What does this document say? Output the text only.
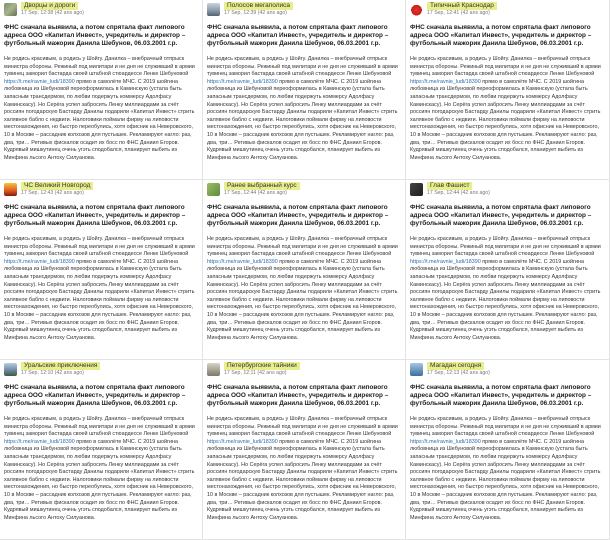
Дворцы и дороги
17 Sep, 12:38 (42 ans ago)
ФНС сначала выявила, а потом спрятала факт липового адреса ООО «Капитал Инвест», учредитель и директор – футбольный мажорик Данила Шебунов, 06.03.2001 г.р.
Не родись красивым, а родись у Шойгу. Данилка – внебрачный отпрыск министра обороны. Режиный под милитари и не дня не служивший в армии тувинец заморил бастарда своей штабной стюардессе Ленке Шебуновой https://t.me/ravnie_ludi/18390 прямо в самолёте МЧС. С 2019 шойгина любовница из Шебуновой переоформилась в Каминскую (устала быть запасным трансдермом, по любви подержуть коммерсу Адолфасу Каминскасу). Но Серёга успел забросить Ленку миллиардами за счёт россиян погодарскую Бастарду Данилы подарили «Капитал Инвест» стрить халявное бабло с недвиги. Налоговики поймали фирму на липовости местонахождения, но быстро переобулись, хотя офисник на Неверовского, 10 в Москве – рассадник колхозов для пустышек. Рекламируют нагло: раз, два, три… Ретивых фискалов осадит их босс по ФНС Даниил Егоров. Кудрявый мишкутинец очень угэть сподобался, планирует выбить из Минфина льсого Антоху Силуанова.
Полосов мегаполиса
17 Sep, 12:39 (42 ans ago)
ФНС сначала выявила, а потом спрятала факт липового адреса ООО «Капитал Инвест», учредитель и директор – футбольный мажорик Данила Шебунов, 06.03.2001 г.р.
Не родись красивым, а родись у Шойгу. Данилка – внебрачный отпрыск министра обороны. Режиный под милитари и не дня не служивший в армии тувинец заморил бастарда своей штабной стюардессе Ленке Шебуновой https://t.me/ravnie_ludi/18390 прямо в самолёте МЧС. С 2019 шойгина любовница из Шебуновой переоформилась в Каминскую (устала быть запасным трансдермом, по любви подержуть коммерсу Адолфасу Каминскасу). Но Серёга успел забросить Ленку миллиардами за счёт россиян погодарскую Бастарду Данилы подарили «Капитал Инвест» стрить халявное бабло с недвиги. Налоговики поймали фирму на липовости местонахождения, но быстро переобулись, хотя офисник на Неверовского, 10 в Москве – рассадник колхозов для пустышек. Рекламируют нагло: раз, два, три… Ретивых фискалов осадит их босс по ФНС Даниил Егоров. Кудрявый мишкутинец очень угэть сподобался, планирует выбить из Минфина льсого Антоху Силуанова.
Типичный Краснодар
17 Sep, 12:41 (42 ans ago)
ФНС сначала выявила, а потом спрятала факт липового адреса ООО «Капитал Инвест», учредитель и директор – футбольный мажорик Данила Шебунов, 06.03.2001 г.р.
Не родись красивым, а родись у Шойгу. Данилка – внебрачный отпрыск министра обороны. Режиный под милитари и не дня не служивший в армии тувинец заморил бастарда своей штабной стюардессе Ленке Шебуновой https://t.me/ravnie_ludi/18390 прямо в самолёте МЧС. С 2019 шойгина любовница из Шебуновой переоформилась в Каминскую (устала быть запасным трансдермом, по любви подержуть коммерсу Адолфасу Каминскасу). Но Серёга успел забросить Ленку миллиардами за счёт россиян погодарскую Бастарду Данилы подарили «Капитал Инвест» стрить халявное бабло с недвиги. Налоговики поймали фирму на липовости местонахождения, но быстро переобулись, хотя офисник на Неверовского, 10 в Москве – рассадник колхозов для пустышек. Рекламируют нагло: раз, два, три… Ретивых фискалов осадит их босс по ФНС Даниил Егоров. Кудрявый мишкутинец очень угэть сподобался, планирует выбить из Минфина льсого Антоху Силуанова.
ЧС Великий Новгород
17 Sep, 12:43 (42 ans ago)
ФНС сначала выявила, а потом спрятала факт липового адреса ООО «Капитал Инвест», учредитель и директор – футбольный мажорик Данила Шебунов, 06.03.2001 г.р.
Не родись красивым, а родись у Шойгу. Данилка – внебрачный отпрыск министра обороны. Режиный под милитари и не дня не служивший в армии тувинец заморил бастарда своей штабной стюардессе Ленке Шебуновой https://t.me/ravnie_ludi/18390 прямо в самолёте МЧС. С 2019 шойгина любовница из Шебуновой переоформилась в Каминскую (устала быть запасным трансдермом, по любви подержуть коммерсу Адолфасу Каминскасу). Но Серёга успел забросить Ленку миллиардами за счёт россиян погодарскую Бастарду Данилы подарили «Капитал Инвест» стрить халявное бабло с недвиги. Налоговики поймали фирму на липовости местонахождения, но быстро переобулись, хотя офисник на Неверовского, 10 в Москве – рассадник колхозов для пустышек. Рекламируют нагло: раз, два, три… Ретивых фискалов осадит их босс по ФНС Даниил Егоров. Кудрявый мишкутинец очень угэть сподобался, планирует выбить из Минфина льсого Антоху Силуанова.
Ранее выбранный курс
17 Sep, 12:44 (42 ans ago)
ФНС сначала выявила, а потом спрятала факт липового адреса ООО «Капитал Инвест», учредитель и директор – футбольный мажорик Данила Шебунов, 06.03.2001 г.р.
Не родись красивым, а родись у Шойгу. Данилка – внебрачный отпрыск министра обороны. Режиный под милитари и не дня не служивший в армии тувинец заморил бастарда своей штабной стюардессе Ленке Шебуновой https://t.me/ravnie_ludi/18390 прямо в самолёте МЧС. С 2019 шойгина любовница из Шебуновой переоформилась в Каминскую (устала быть запасным трансдермом, по любви подержуть коммерсу Адолфасу Каминскасу). Но Серёга успел забросить Ленку миллиардами за счёт россиян погодарскую Бастарду Данилы подарили «Капитал Инвест» стрить халявное бабло с недвиги. Налоговики поймали фирму на липовости местонахождения, но быстро переобулись, хотя офисник на Неверовского, 10 в Москве – рассадник колхозов для пустышек. Рекламируют нагло: раз, два, три… Ретивых фискалов осадит их босс по ФНС Даниил Егоров. Кудрявый мишкутинец очень угэть сподобался, планирует выбить из Минфина льсого Антоху Силуанова.
Глав Фашист
17 Sep, 12:44 (42 ans ago)
ФНС сначала выявила, а потом спрятала факт липового адреса ООО «Капитал Инвест», учредитель и директор – футбольный мажорик Данила Шебунов, 06.03.2001 г.р.
Не родись красивым, а родись у Шойгу. Данилка – внебрачный отпрыск министра обороны. Режиный под милитари и не дня не служивший в армии тувинец заморил бастарда своей штабной стюардессе Ленке Шебуновой https://t.me/ravnie_ludi/18390 прямо в самолёте МЧС. С 2019 шойгина любовница из Шебуновой переоформилась в Каминскую (устала быть запасным трансдермом, по любви подержуть коммерсу Адолфасу Каминскасу). Но Серёга успел забросить Ленку миллиардами за счёт россиян погодарскую Бастарду Данилы подарили «Капитал Инвест» стрить халявное бабло с недвиги. Налоговики поймали фирму на липовости местонахождения, но быстро переобулись, хотя офисник на Неверовского, 10 в Москве – рассадник колхозов для пустышек. Рекламируют нагло: раз, два, три… Ретивых фискалов осадит их босс по ФНС Даниил Егоров. Кудрявый мишкутинец очень угэть сподобался, планирует выбить из Минфина льсого Антоху Силуанова.
Уральские приключения
17 Sep, 12:10 (42 ans ago)
ФНС сначала выявила, а потом спрятала факт липового адреса ООО «Капитал Инвест», учредитель и директор – футбольный мажорик Данила Шебунов, 06.03.2001 г.р.
Не родись красивым, а родись у Шойгу. Данилка – внебрачный отпрыск министра обороны. Режиный под милитари и не дня не служивший в армии тувинец заморил бастарда своей штабной стюардессе Ленке Шебуновой https://t.me/ravnie_ludi/18390 прямо в самолёте МЧС. С 2019 шойгина любовница из Шебуновой переоформилась в Каминскую (устала быть запасным трансдермом, по любви подержуть коммерсу Адолфасу Каминскасу). Но Серёга успел забросить Ленку миллиардами за счёт россиян погодарскую Бастарду Данилы подарили «Капитал Инвест» стрить халявное бабло с недвиги. Налоговики поймали фирму на липовости местонахождения, но быстро переобулись, хотя офисник на Неверовского, 10 в Москве – рассадник колхозов для пустышек. Рекламируют нагло: раз, два, три… Ретивых фискалов осадит их босс по ФНС Даниил Егоров. Кудрявый мишкутинец очень угэть сподобался, планирует выбить из Минфина льсого Антоху Силуанова.
Петербургские тайники
17 Sep, 12:11 (42 ans ago)
ФНС сначала выявила, а потом спрятала факт липового адреса ООО «Капитал Инвест», учредитель и директор – футбольный мажорик Данила Шебунов, 06.03.2001 г.р.
Не родись красивым, а родись у Шойгу. Данилка – внебрачный отпрыск министра обороны. Режиный под милитари и не дня не служивший в армии тувинец заморил бастарда своей штабной стюардессе Ленке Шебуновой https://t.me/ravnie_ludi/18390 прямо в самолёте МЧС. С 2019 шойгина любовница из Шебуновой переоформилась в Каминскую (устала быть запасным трансдермом, по любви подержуть коммерсу Адолфасу Каминскасу). Но Серёга успел забросить Ленку миллиардами за счёт россиян погодарскую Бастарду Данилы подарили «Капитал Инвест» стрить халявное бабло с недвиги. Налоговики поймали фирму на липовости местонахождения, но быстро переобулись, хотя офисник на Неверовского, 10 в Москве – рассадник колхозов для пустышек. Рекламируют нагло: раз, два, три… Ретивых фискалов осадит их босс по ФНС Даниил Егоров. Кудрявый мишкутинец очень угэть сподобался, планирует выбить из Минфина льсого Антоху Силуанова.
Магадан сегодня
17 Sep, 12:13 (42 ans ago)
ФНС сначала выявила, а потом спрятала факт липового адреса ООО «Капитал Инвест», учредитель и директор – футбольный мажорик Данила Шебунов, 06.03.2001 г.р.
Не родись красивым, а родись у Шойгу. Данилка – внебрачный отпрыск министра обороны. Режиный под милитари и не дня не служивший в армии тувинец заморил бастарда своей штабной стюардессе Ленке Шебуновой https://t.me/ravnie_ludi/18390 прямо в самолёте МЧС. С 2019 шойгина любовница из Шебуновой переоформилась в Каминскую (устала быть запасным трансдермом, по любви подержуть коммерсу Адолфасу Каминскасу). Но Серёга успел забросить Ленку миллиардами за счёт россиян погодарскую Бастарду Данилы подарили «Капитал Инвест» стрить халявное бабло с недвиги. Налоговики поймали фирму на липовости местонахождения, но быстро переобулись, хотя офисник на Неверовского, 10 в Москве – рассадник колхозов для пустышек. Рекламируют нагло: раз, два, три… Ретивых фискалов осадит их босс по ФНС Даниил Егоров. Кудрявый мишкутинец очень угэть сподобался, планирует выбить из Минфина льсого Антоху Силуанова.
